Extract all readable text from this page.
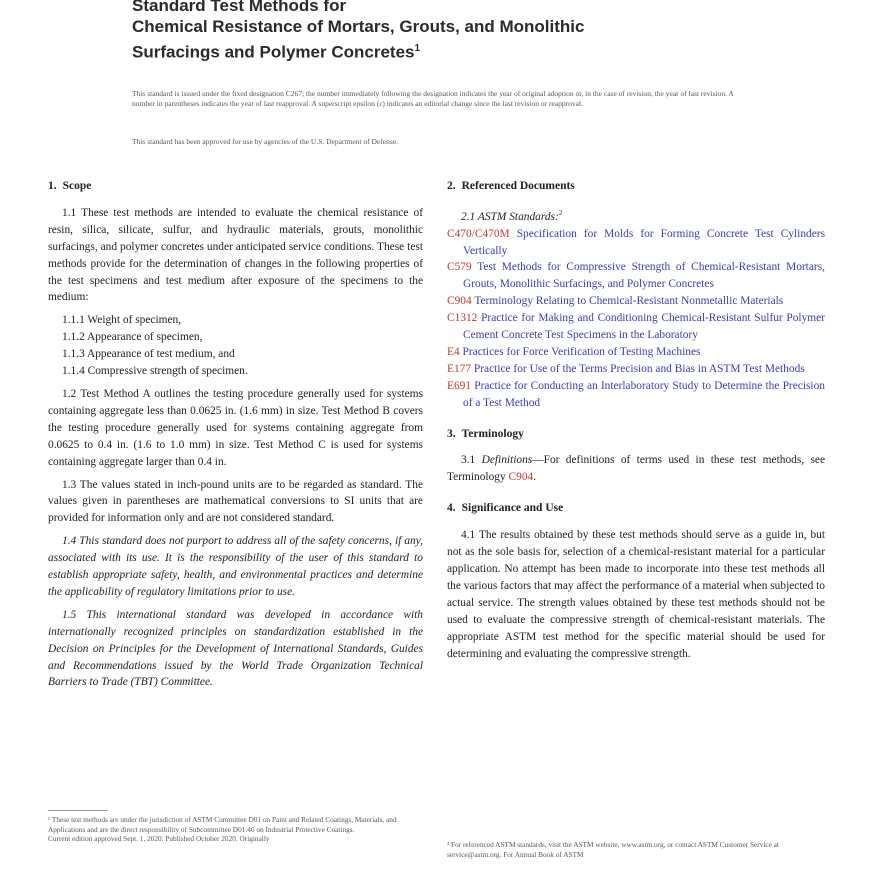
Standard Test Methods for
Chemical Resistance of Mortars, Grouts, and Monolithic
Surfacings and Polymer Concretes$^1$
This standard is issued under the fixed designation C267; the number immediately following the designation indicates the year of original adoption or, in the case of revision, the year of last revision. A number in parentheses indicates the year of last reapproval. A superscript epsilon (ε) indicates an editorial change since the last revision or reapproval.
This standard has been approved for use by agencies of the U.S. Department of Defense.
1. Scope

1.1 These test methods are intended to evaluate the chemical resistance of resin, silica, silicate, sulfur, and hydraulic materials, grouts, monolithic surfacings, and polymer concretes under anticipated service conditions. These test methods provide for the determination of changes in the following properties of the test specimens and test medium after exposure of the specimens to the medium:

1.1.1 Weight of specimen,
1.1.2 Appearance of specimen,
1.1.3 Appearance of test medium, and
1.1.4 Compressive strength of specimen.

1.2 Test Method A outlines the testing procedure generally used for systems containing aggregate less than 0.0625 in. (1.6 mm) in size. Test Method B covers the testing procedure generally used for systems containing aggregate from 0.0625 to 0.4 in. (1.6 to 1.0 mm) in size. Test Method C is used for systems containing aggregate larger than 0.4 in.

1.3 The values stated in inch-pound units are to be regarded as standard. The values given in parentheses are mathematical conversions to SI units that are provided for information only and are not considered standard.

1.4 This standard does not purport to address all of the safety concerns, if any, associated with its use. It is the responsibility of the user of this standard to establish appropriate safety, health, and environmental practices and determine the applicability of regulatory limitations prior to use.

1.5 This international standard was developed in accordance with internationally recognized principles on standardization established in the Decision on Principles for the Development of International Standards, Guides and Recommendations issued by the World Trade Organization Technical Barriers to Trade (TBT) Committee.

2. Referenced Documents
2.1 ASTM Standards:$^2$
C470/C470M Specification for Molds for Forming Concrete Test Cylinders Vertically
C579 Test Methods for Compressive Strength of Chemical-Resistant Mortars, Grouts, Monolithic Surfacings, and Polymer Concretes
C904 Terminology Relating to Chemical-Resistant Nonmetallic Materials
C1312 Practice for Making and Conditioning Chemical-Resistant Sulfur Polymer Cement Concrete Test Specimens in the Laboratory
E4 Practices for Force Verification of Testing Machines
E177 Practice for Use of the Terms Precision and Bias in ASTM Test Methods
E691 Practice for Conducting an Interlaboratory Study to Determine the Precision of a Test Method
3. Terminology

3.1 Definitions—For definitions of terms used in these test methods, see Terminology C904.

4. Significance and Use

4.1 The results obtained by these test methods should serve as a guide in, but not as the sole basis for, selection of a chemical-resistant material for a particular application. No attempt has been made to incorporate into these test methods all the various factors that may affect the performance of a material when subjected to actual service. The strength values obtained by these test methods should not be used to evaluate the compressive strength of chemical-resistant materials. The appropriate ASTM test method for the specific material should be used for determining and evaluating the compressive strength.

¹ These test methods are under the jurisdiction of ASTM Committee D01 on Paint and Related Coatings, Materials, and Applications and are the direct responsibility of Subcommittee D01.46 on Industrial Protective Coatings.
Current edition approved Sept. 1, 2020. Published October 2020. Originally
² For referenced ASTM standards, visit the ASTM website, www.astm.org, or contact ASTM Customer Service at service@astm.org. For Annual Book of ASTM
